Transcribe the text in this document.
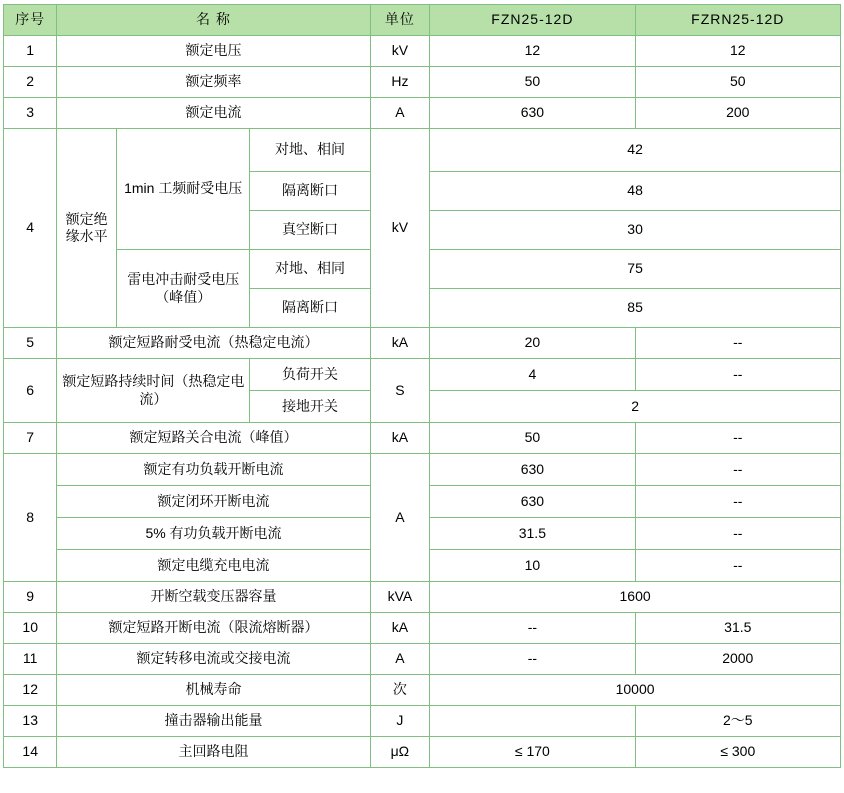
序号	名 称			单位	FZN25-12D	FZRN25-12D
1	额定电压			kV	12	12
2	额定频率			Hz	50	50
3	额定电流			A	630	200
4	额定绝缘水平	1min 工频耐受电压	对地、相间	kV	42	
			隔离断口		48	
			真空断口		30	
		雷电冲击耐受电压（峰值）	对地、相同		75	
			隔离断口		85	
5	额定短路耐受电流（热稳定电流）			kA	20	--
6	额定短路持续时间（热稳定电流）		负荷开关	S	4	--
			接地开关		2	
7	额定短路关合电流（峰值）			kA	50	--
8	额定有功负载开断电流			A	630	--
	额定闭环开断电流				630	--
	5% 有功负载开断电流				31.5	--
	额定电缆充电电流				10	--
9	开断空载变压器容量			kVA	1600	
10	额定短路开断电流（限流熔断器）			kA	--	31.5
11	额定转移电流或交接电流			A	--	2000
12	机械寿命			次	10000	
13	撞击器输出能量			J		2～5
14	主回路电阻			μΩ	≤ 170	≤ 300
